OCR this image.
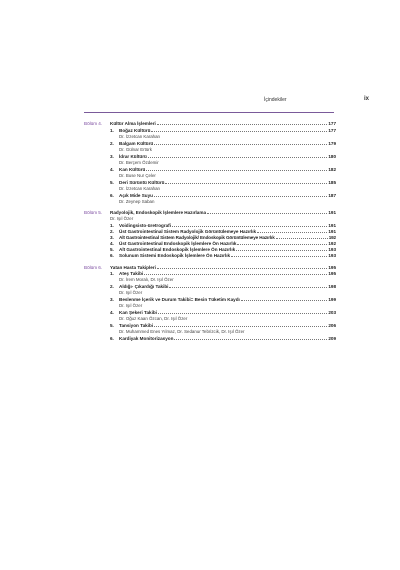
İçindekiler	ix
Bölüm 4. Kültür Alma İşlemleri	177
1. Boğaz Kültürü	177
Dr. İzzetcan Karahan
2. Balgam Kültürü	179
Dr. Gülnar Ertürk
3. İdrar Kültürü	180
Dr. Berçem Özdemir
4. Kan Kültürü	182
Dr. Buse Nur Çeler
5. Deri Sürüntü Kültürü	185
Dr. İzzetcan Karahan
6. Açık Mide Suyu	187
Dr. Zeynep Saban
Bölüm 5. Radyolojik, Endoskopik İşlemlere Hazırlama	191
Dr. Işıl Özer
1. Voidingsisto-üretrografi	191
2. Üst Gastrointestinal Sistem Radyolojik Görüntülemeye Hazırlık	191
3. Alt Gastrointestinal Sistem Radyolojik/ Endoskopik Görüntülemeye Hazırlık	192
4. Üst Gastrointestinal Endoskopik İşlemlere Ön Hazırlık	192
5. Alt Gastrointestinal Endoskopik İşlemlere Ön Hazırlık	193
6. Solunum Sistemi Endoskopik İşlemlere Ön Hazırlık	193
Bölüm 6. Yatan Hasta Takipleri	195
1. Ateş Takibi	195
Dr. İrem Moralı, Dr. Işıl Özer
2. Aldığı- Çıkardığı Takibi	198
Dr. Işıl Özer
3. Beslenme İçerik ve Durum Takibi= Besin Tüketim Kaydı	199
Dr. Işıl Özer
4. Kan Şekeri Takibi	203
Dr. Oğuz Kaan Özcan, Dr. Işıl Özer
5. Tansiyon Takibi	206
Dr. Muhammed Enes Yılmaz, Dr. Sedanur Tebrizcik, Dr. Işıl Özer
6. Kardiyak Monitorizasyon	209
